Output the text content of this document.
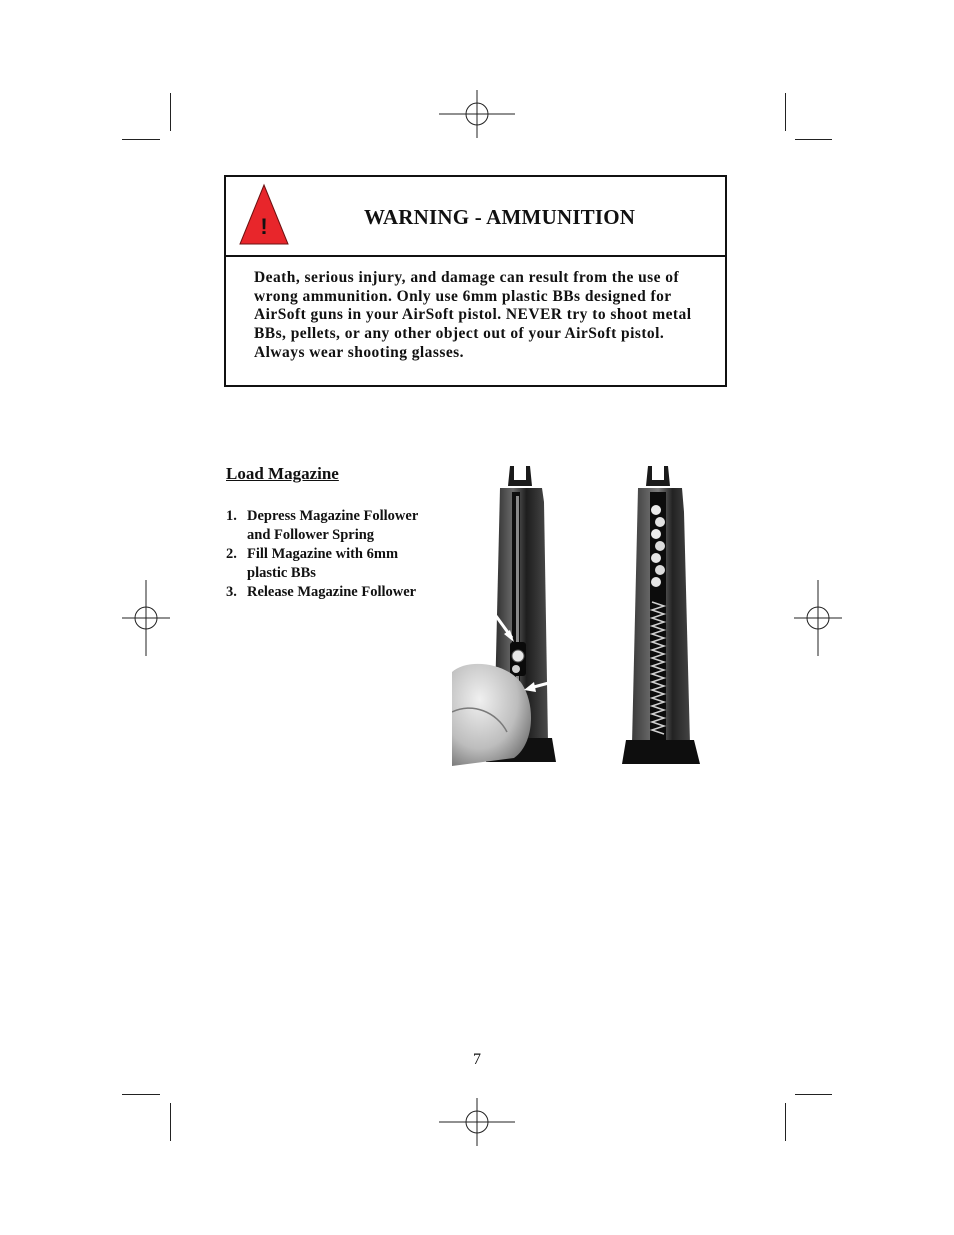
!	WARNING - AMMUNITION
Death, serious injury, and damage can result from the use of wrong ammunition. Only use 6mm plastic BBs designed for AirSoft guns in your AirSoft pistol. NEVER try to shoot metal BBs, pellets, or any other object out of your AirSoft pistol. Always wear shooting glasses.
Load Magazine
1. Depress Magazine Follower
and Follower Spring
2. Fill Magazine with 6mm
plastic BBs
3. Release Magazine Follower
7
